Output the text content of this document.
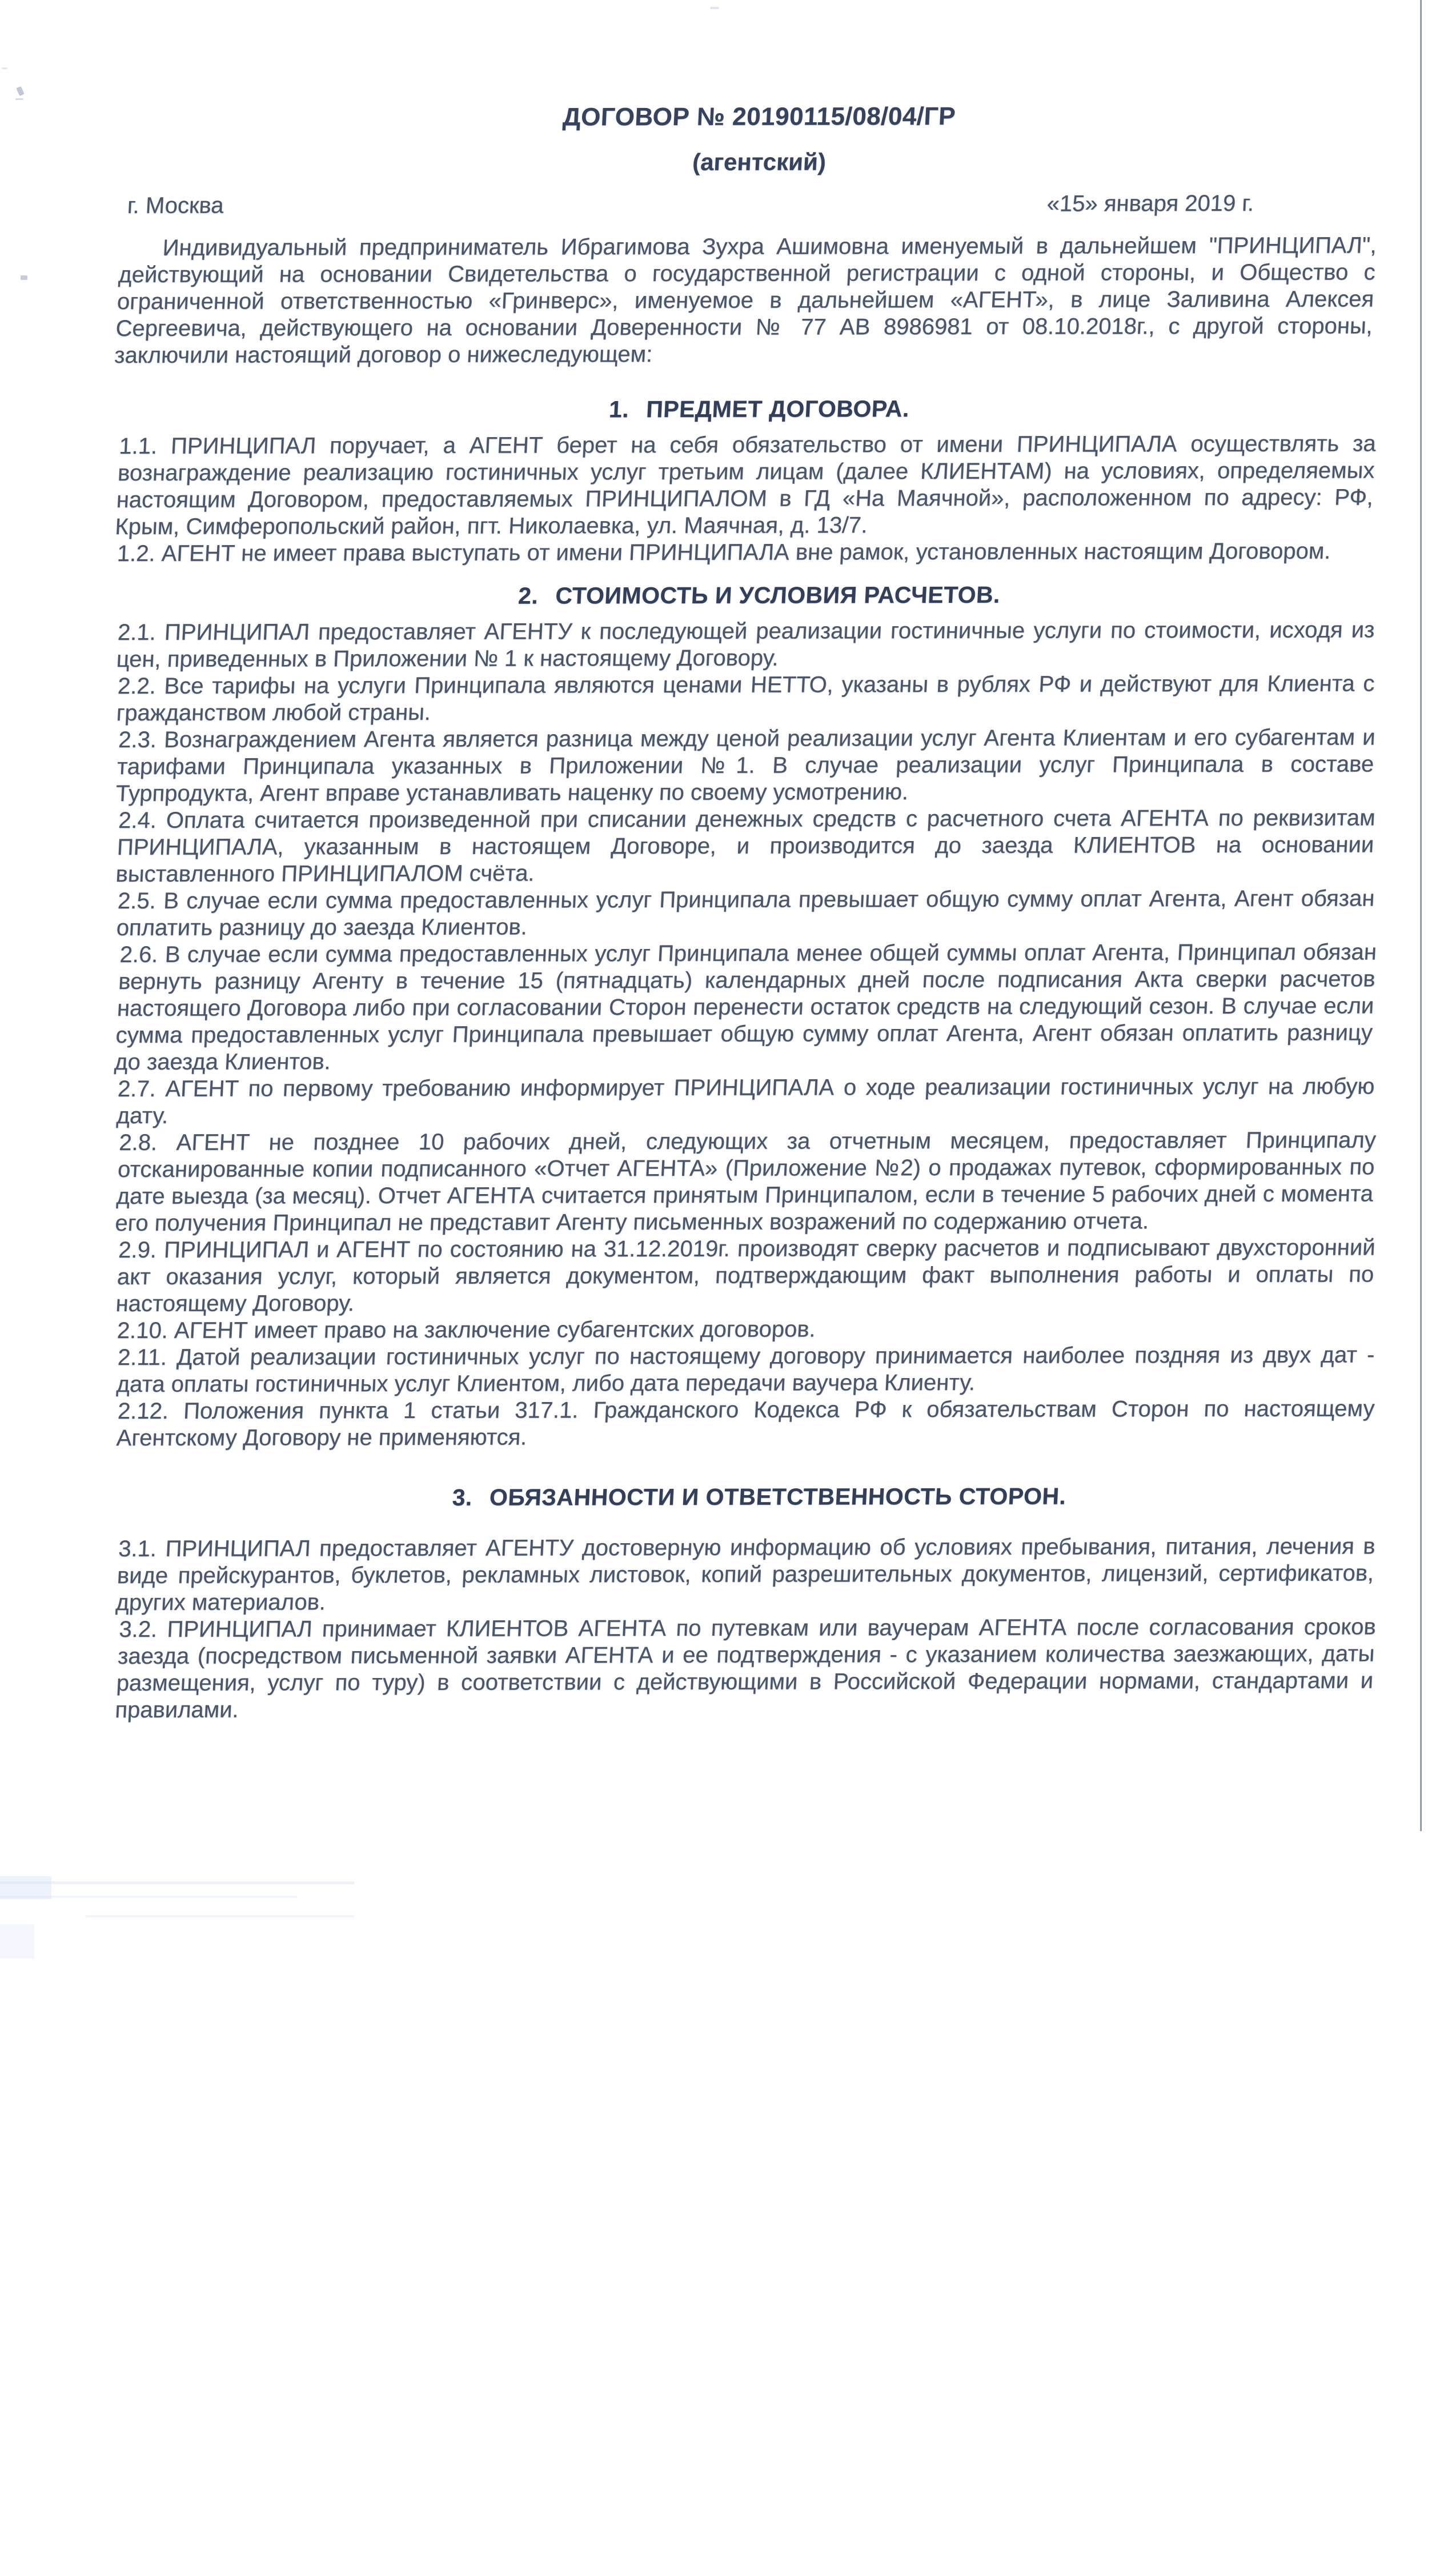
ДОГОВОР № 20190115/08/04/ГР
(агентский)
г. Москва	«15» января 2019 г.

Индивидуальный предприниматель Ибрагимова Зухра Ашимовна именуемый в дальнейшем "ПРИНЦИПАЛ", действующий на основании Свидетельства о государственной регистрации с одной стороны, и Общество с ограниченной ответственностью «Гринверс», именуемое в дальнейшем «АГЕНТ», в лице Заливина Алексея Сергеевича, действующего на основании Доверенности № 77 АВ 8986981 от 08.10.2018г., с другой стороны, заключили настоящий договор о нижеследующем:

1. ПРЕДМЕТ ДОГОВОРА.

1.1. ПРИНЦИПАЛ поручает, а АГЕНТ берет на себя обязательство от имени ПРИНЦИПАЛА осуществлять за вознаграждение реализацию гостиничных услуг третьим лицам (далее КЛИЕНТАМ) на условиях, определяемых настоящим Договором, предоставляемых ПРИНЦИПАЛОМ в ГД «На Маячной», расположенном по адресу: РФ, Крым, Симферопольский район, пгт. Николаевка, ул. Маячная, д. 13/7.

1.2. АГЕНТ не имеет права выступать от имени ПРИНЦИПАЛА вне рамок, установленных настоящим Договором.

2. СТОИМОСТЬ И УСЛОВИЯ РАСЧЕТОВ.

2.1. ПРИНЦИПАЛ предоставляет АГЕНТУ к последующей реализации гостиничные услуги по стоимости, исходя из цен, приведенных в Приложении № 1 к настоящему Договору.

2.2. Все тарифы на услуги Принципала являются ценами НЕТТО, указаны в рублях РФ и действуют для Клиента с гражданством любой страны.

2.3. Вознаграждением Агента является разница между ценой реализации услуг Агента Клиентам и его субагентам и тарифами Принципала указанных в Приложении №1. В случае реализации услуг Принципала в составе Турпродукта, Агент вправе устанавливать наценку по своему усмотрению.

2.4. Оплата считается произведенной при списании денежных средств с расчетного счета АГЕНТА по реквизитам ПРИНЦИПАЛА, указанным в настоящем Договоре, и производится до заезда КЛИЕНТОВ на основании выставленного ПРИНЦИПАЛОМ счёта.

2.5. В случае если сумма предоставленных услуг Принципала превышает общую сумму оплат Агента, Агент обязан оплатить разницу до заезда Клиентов.

2.6. В случае если сумма предоставленных услуг Принципала менее общей суммы оплат Агента, Принципал обязан вернуть разницу Агенту в течение 15 (пятнадцать) календарных дней после подписания Акта сверки расчетов настоящего Договора либо при согласовании Сторон перенести остаток средств на следующий сезон. В случае если сумма предоставленных услуг Принципала превышает общую сумму оплат Агента, Агент обязан оплатить разницу до заезда Клиентов.

2.7. АГЕНТ по первому требованию информирует ПРИНЦИПАЛА о ходе реализации гостиничных услуг на любую дату.

2.8. АГЕНТ не позднее 10 рабочих дней, следующих за отчетным месяцем, предоставляет Принципалу отсканированные копии подписанного «Отчет АГЕНТА» (Приложение №2) о продажах путевок, сформированных по дате выезда (за месяц). Отчет АГЕНТА считается принятым Принципалом, если в течение 5 рабочих дней с момента его получения Принципал не представит Агенту письменных возражений по содержанию отчета.

2.9. ПРИНЦИПАЛ и АГЕНТ по состоянию на 31.12.2019г. производят сверку расчетов и подписывают двухсторонний акт оказания услуг, который является документом, подтверждающим факт выполнения работы и оплаты по настоящему Договору.

2.10. АГЕНТ имеет право на заключение субагентских договоров.

2.11. Датой реализации гостиничных услуг по настоящему договору принимается наиболее поздняя из двух дат - дата оплаты гостиничных услуг Клиентом, либо дата передачи ваучера Клиенту.

2.12. Положения пункта 1 статьи 317.1. Гражданского Кодекса РФ к обязательствам Сторон по настоящему Агентскому Договору не применяются.

3. ОБЯЗАННОСТИ И ОТВЕТСТВЕННОСТЬ СТОРОН.

3.1. ПРИНЦИПАЛ предоставляет АГЕНТУ достоверную информацию об условиях пребывания, питания, лечения в виде прейскурантов, буклетов, рекламных листовок, копий разрешительных документов, лицензий, сертификатов, других материалов.

3.2. ПРИНЦИПАЛ принимает КЛИЕНТОВ АГЕНТА по путевкам или ваучерам АГЕНТА после согласования сроков заезда (посредством письменной заявки АГЕНТА и ее подтверждения - с указанием количества заезжающих, даты размещения, услуг по туру) в соответствии с действующими в Российской Федерации нормами, стандартами и правилами.
